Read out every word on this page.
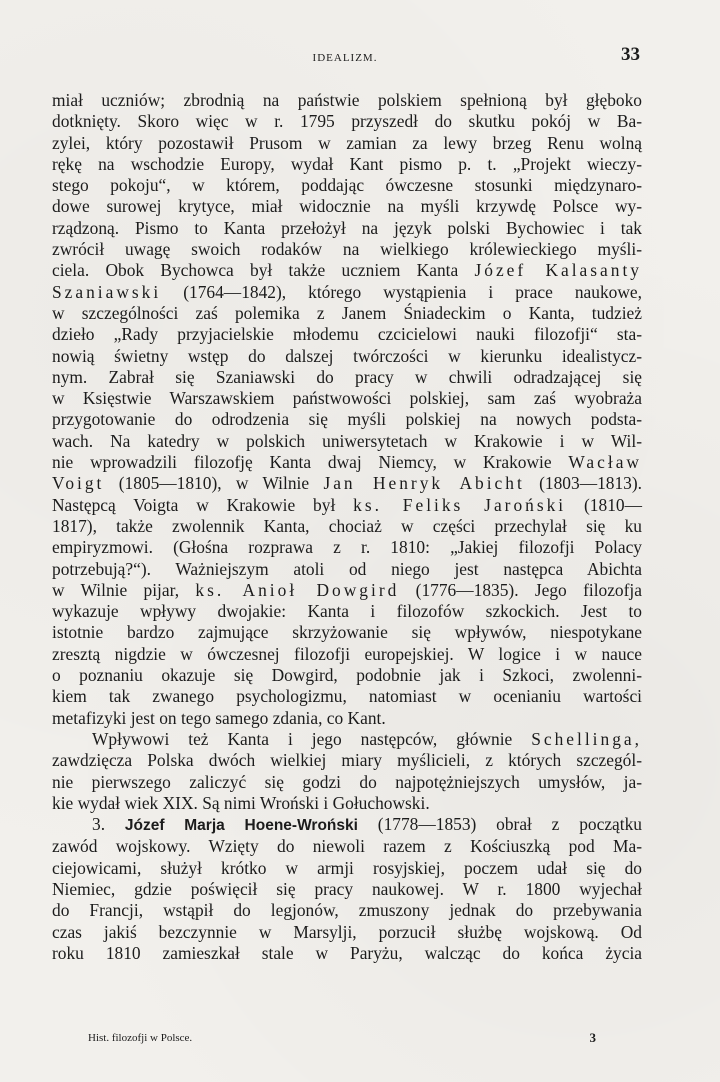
IDEALIZM.	33

miał uczniów; zbrodnią na państwie polskiem spełnioną był głęboko

dotknięty. Skoro więc w r. 1795 przyszedł do skutku pokój w Ba-

zylei, który pozostawił Prusom w zamian za lewy brzeg Renu wolną

rękę na wschodzie Europy, wydał Kant pismo p. t. „Projekt wieczy-

stego pokoju“, w którem, poddając ówczesne stosunki międzynaro-

dowe surowej krytyce, miał widocznie na myśli krzywdę Polsce wy-

rządzoną. Pismo to Kanta przełożył na język polski Bychowiec i tak

zwrócił uwagę swoich rodaków na wielkiego królewieckiego myśli-

ciela. Obok Bychowca był także uczniem Kanta Józef Kalasanty

Szaniawski (1764—1842), którego wystąpienia i prace naukowe,

w szczególności zaś polemika z Janem Śniadeckim o Kanta, tudzież

dzieło „Rady przyjacielskie młodemu czcicielowi nauki filozofji“ sta-

nowią świetny wstęp do dalszej twórczości w kierunku idealistycz-

nym. Zabrał się Szaniawski do pracy w chwili odradzającej się

w Księstwie Warszawskiem państwowości polskiej, sam zaś wyobraża

przygotowanie do odrodzenia się myśli polskiej na nowych podsta-

wach. Na katedry w polskich uniwersytetach w Krakowie i w Wil-

nie wprowadzili filozofję Kanta dwaj Niemcy, w Krakowie Wacław

Voigt (1805—1810), w Wilnie Jan Henryk Abicht (1803—1813).

Następcą Voigta w Krakowie był ks. Feliks Jaroński (1810—

1817), także zwolennik Kanta, chociaż w części przechylał się ku

empiryzmowi. (Głośna rozprawa z r. 1810: „Jakiej filozofji Polacy

potrzebują?“). Ważniejszym atoli od niego jest następca Abichta

w Wilnie pijar, ks. Anioł Dowgird (1776—1835). Jego filozofja

wykazuje wpływy dwojakie: Kanta i filozofów szkockich. Jest to

istotnie bardzo zajmujące skrzyżowanie się wpływów, niespotykane

zresztą nigdzie w ówczesnej filozofji europejskiej. W logice i w nauce

o poznaniu okazuje się Dowgird, podobnie jak i Szkoci, zwolenni-

kiem tak zwanego psychologizmu, natomiast w ocenianiu wartości

metafizyki jest on tego samego zdania, co Kant.

Wpływowi też Kanta i jego następców, głównie Schellinga,

zawdzięcza Polska dwóch wielkiej miary myślicieli, z których szczegól-

nie pierwszego zaliczyć się godzi do najpotężniejszych umysłów, ja-

kie wydał wiek XIX. Są nimi Wroński i Gołuchowski.

3. Józef Marja Hoene-Wroński (1778—1853) obrał z początku

zawód wojskowy. Wzięty do niewoli razem z Kościuszką pod Ma-

ciejowicami, służył krótko w armji rosyjskiej, poczem udał się do

Niemiec, gdzie poświęcił się pracy naukowej. W r. 1800 wyjechał

do Francji, wstąpił do legjonów, zmuszony jednak do przebywania

czas jakiś bezczynnie w Marsylji, porzucił służbę wojskową. Od

roku 1810 zamieszkał stale w Paryżu, walcząc do końca życia

Hist. filozofji w Polsce.	3
